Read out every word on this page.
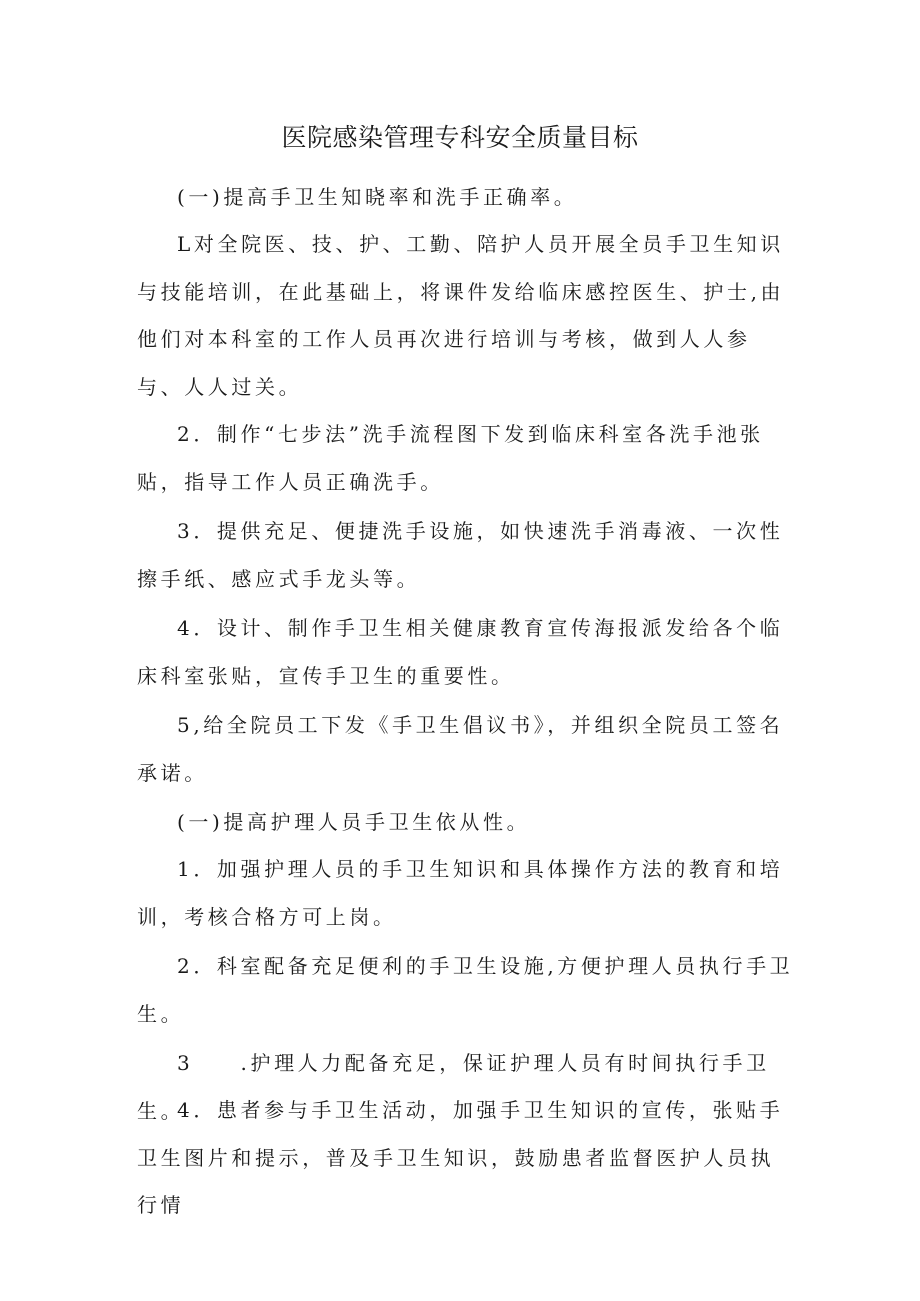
医院感染管理专科安全质量目标

(一)提高手卫生知晓率和洗手正确率。

L对全院医、技、护、工勤、陪护人员开展全员手卫生知识与技能培训，在此基础上，将课件发给临床感控医生、护士,由他们对本科室的工作人员再次进行培训与考核，做到人人参与、人人过关。

2．制作“七步法”洗手流程图下发到临床科室各洗手池张贴，指导工作人员正确洗手。

3．提供充足、便捷洗手设施，如快速洗手消毒液、一次性擦手纸、感应式手龙头等。

4．设计、制作手卫生相关健康教育宣传海报派发给各个临床科室张贴，宣传手卫生的重要性。

5,给全院员工下发《手卫生倡议书》，并组织全院员工签名承诺。

(一)提高护理人员手卫生依从性。

1．加强护理人员的手卫生知识和具体操作方法的教育和培训，考核合格方可上岗。

2．科室配备充足便利的手卫生设施,方便护理人员执行手卫生。

3　　.护理人力配备充足，保证护理人员有时间执行手卫生。

4．患者参与手卫生活动，加强手卫生知识的宣传，张贴手卫生图片和提示，普及手卫生知识，鼓励患者监督医护人员执行情
